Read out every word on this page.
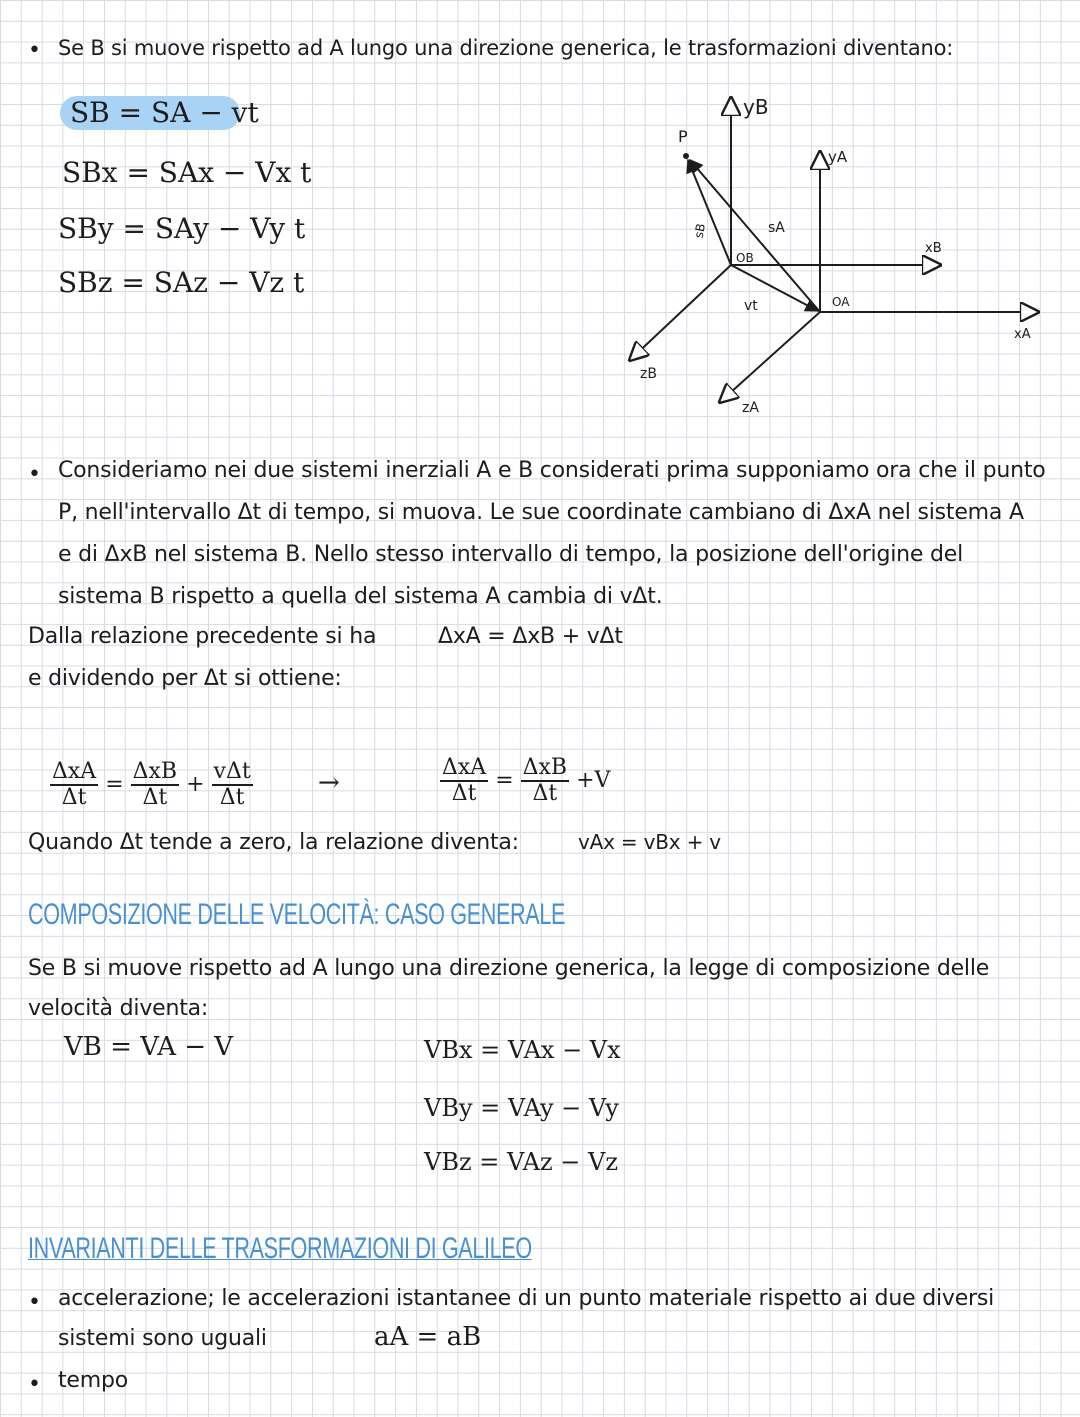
• Se B si muove rispetto ad A lungo una direzione generica, le trasformazioni diventano:
SB = SA − vt
SBx = SAx − Vx t
SBy = SAy − Vy t
SBz = SAz − Vz t
P
yB
yA
xB
xA
zB
zA
OB
OA
sB	sA
vt
• Consideriamo nei due sistemi inerziali A e B considerati prima supponiamo ora che il punto
P, nell'intervallo Δt di tempo, si muova. Le sue coordinate cambiano di ΔxA nel sistema A
e di ΔxB nel sistema B. Nello stesso intervallo di tempo, la posizione dell'origine del
sistema B rispetto a quella del sistema A cambia di vΔt.
Dalla relazione precedente si ha	ΔxA = ΔxB + vΔt
e dividendo per Δt si ottiene:
$\frac{\text{ΔxA}}{\Delta t} = \frac{\text{ΔxB}}{\Delta t} + \frac{\text{vΔt}}{\Delta t}$	→	$\frac{\text{ΔxA}}{\Delta t} = \frac{\text{ΔxB}}{\Delta t} +V$
Quando Δt tende a zero, la relazione diventa:	vAx = vBx + v
COMPOSIZIONE DELLE VELOCITÀ: CASO GENERALE
Se B si muove rispetto ad A lungo una direzione generica, la legge di composizione delle
velocità diventa:
VB = VA − V	VBx = VAx − Vx
VBy = VAy − Vy
VBz = VAz − Vz
INVARIANTI DELLE TRASFORMAZIONI DI GALILEO
• accelerazione; le accelerazioni istantanee di un punto materiale rispetto ai due diversi
sistemi sono uguali	aA = aB
• tempo
